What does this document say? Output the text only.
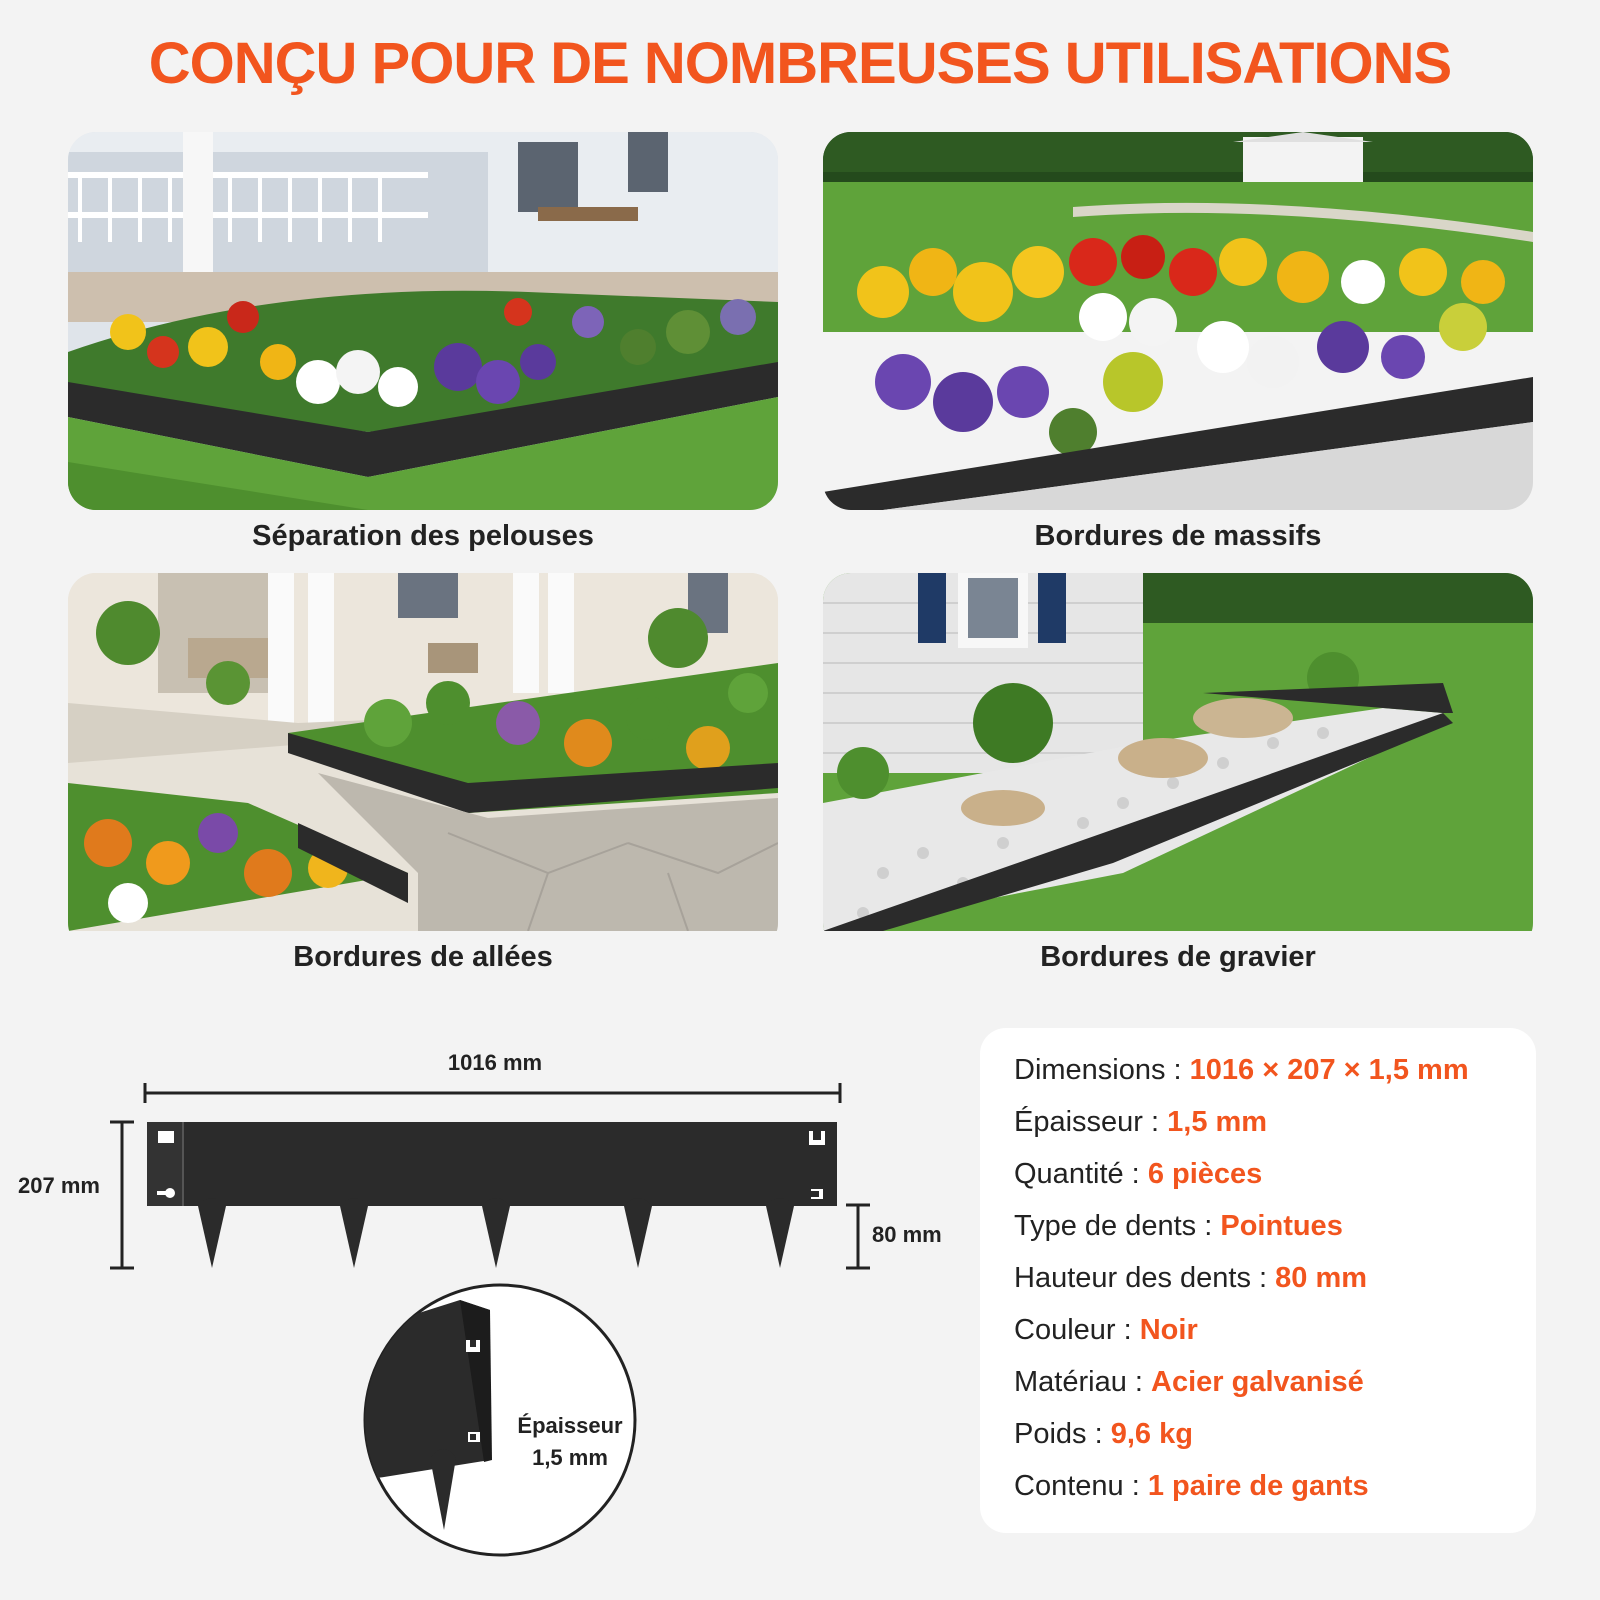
CONÇU POUR DE NOMBREUSES UTILISATIONS
Séparation des pelouses	Bordures de massifs
Bordures de allées	Bordures de gravier
1016 mm
207 mm
80 mm
Épaisseur
1,5 mm
Dimensions : 1016 × 207 × 1,5 mm
Épaisseur : 1,5 mm
Quantité : 6 pièces
Type de dents : Pointues
Hauteur des dents : 80 mm
Couleur : Noir
Matériau : Acier galvanisé
Poids : 9,6 kg
Contenu : 1 paire de gants
